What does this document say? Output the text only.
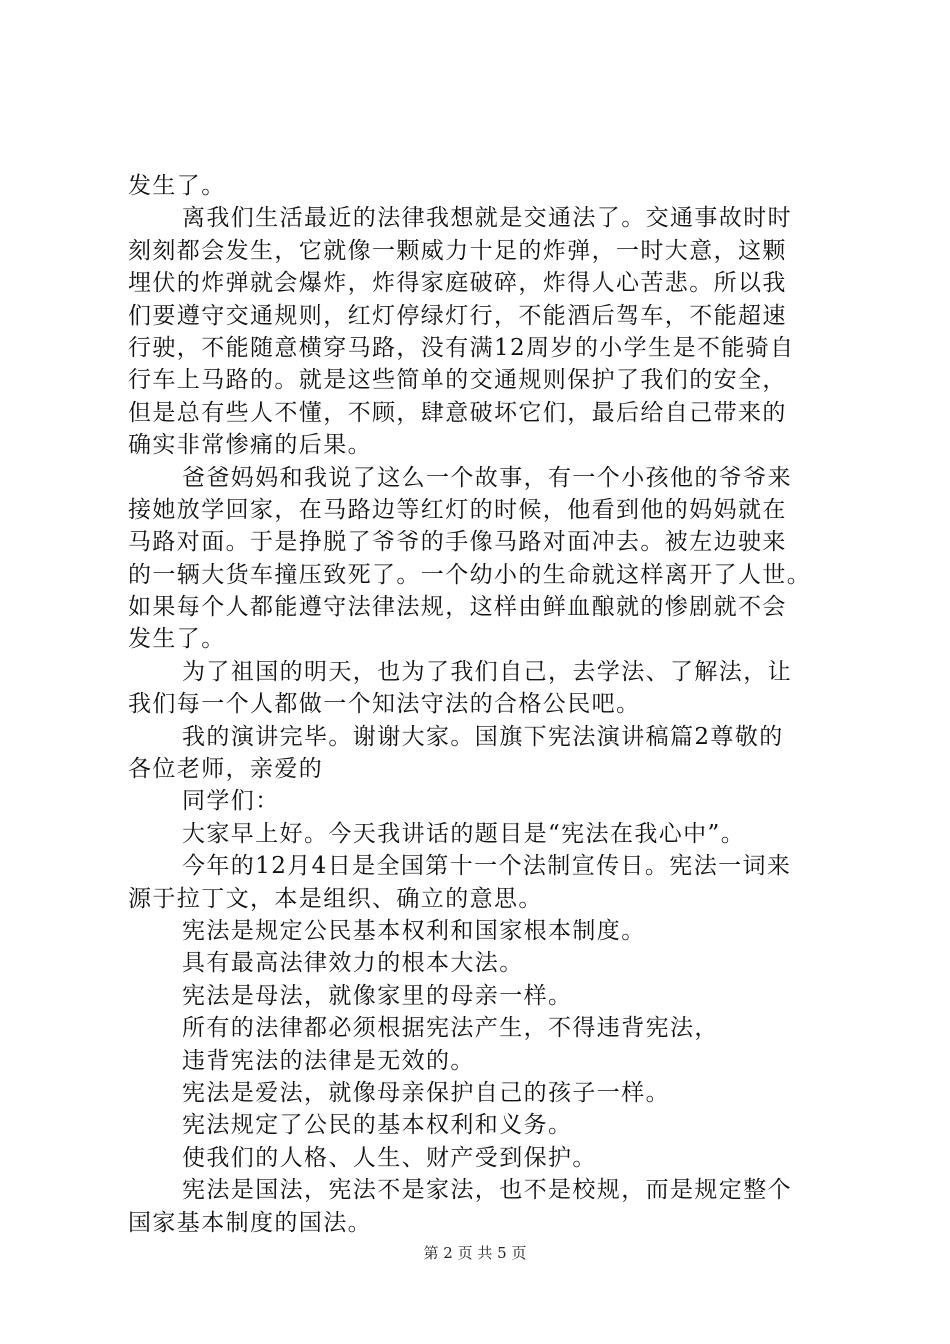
发生了。
离我们生活最近的法律我想就是交通法了。交通事故时时
刻刻都会发生，它就像一颗威力十足的炸弹，一时大意，这颗
埋伏的炸弹就会爆炸，炸得家庭破碎，炸得人心苦悲。所以我
们要遵守交通规则，红灯停绿灯行，不能酒后驾车，不能超速
行驶，不能随意横穿马路，没有满12周岁的小学生是不能骑自
行车上马路的。就是这些简单的交通规则保护了我们的安全，
但是总有些人不懂，不顾，肆意破坏它们，最后给自己带来的
确实非常惨痛的后果。
爸爸妈妈和我说了这么一个故事，有一个小孩他的爷爷来
接她放学回家，在马路边等红灯的时候，他看到他的妈妈就在
马路对面。于是挣脱了爷爷的手像马路对面冲去。被左边驶来
的一辆大货车撞压致死了。一个幼小的生命就这样离开了人世。
如果每个人都能遵守法律法规，这样由鲜血酿就的惨剧就不会
发生了。
为了祖国的明天，也为了我们自己，去学法、了解法，让
我们每一个人都做一个知法守法的合格公民吧。
我的演讲完毕。谢谢大家。国旗下宪法演讲稿篇2尊敬的
各位老师，亲爱的
同学们：
大家早上好。今天我讲话的题目是“宪法在我心中”。
今年的12月4日是全国第十一个法制宣传日。宪法一词来
源于拉丁文，本是组织、确立的意思。
宪法是规定公民基本权利和国家根本制度。
具有最高法律效力的根本大法。
宪法是母法，就像家里的母亲一样。
所有的法律都必须根据宪法产生，不得违背宪法，
违背宪法的法律是无效的。
宪法是爱法，就像母亲保护自己的孩子一样。
宪法规定了公民的基本权利和义务。
使我们的人格、人生、财产受到保护。
宪法是国法，宪法不是家法，也不是校规，而是规定整个
国家基本制度的国法。
第 2 页 共 5 页
